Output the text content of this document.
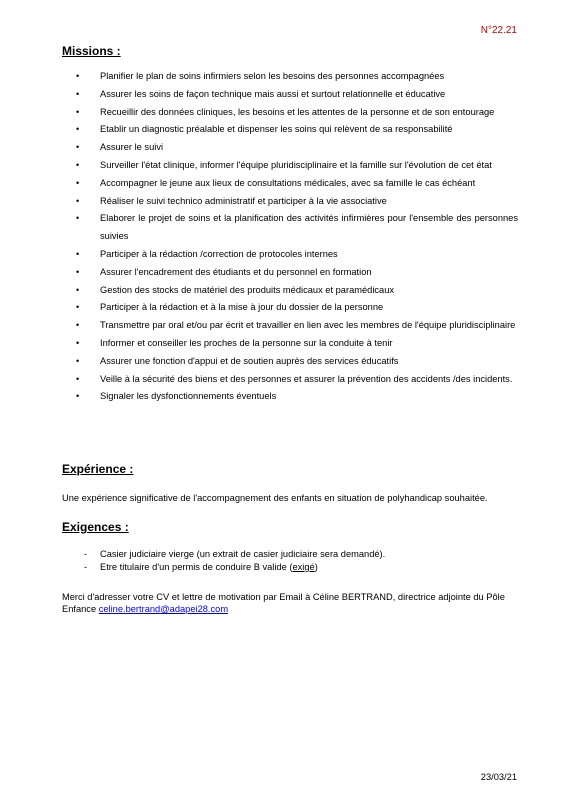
N°22.21
Missions :
• Planifier le plan de soins infirmiers selon les besoins des personnes accompagnées
• Assurer les soins de façon technique mais aussi et surtout relationnelle et éducative
• Recueillir des données cliniques, les besoins et les attentes de la personne et de son entourage
• Etablir un diagnostic préalable et dispenser les soins qui relèvent de sa responsabilité
• Assurer le suivi
• Surveiller l'état clinique, informer l'équipe pluridisciplinaire et la famille sur l'évolution de cet état
• Accompagner le jeune aux lieux de consultations médicales, avec sa famille le cas échéant
• Réaliser le suivi technico administratif et participer à la vie associative
• Elaborer le projet de soins et la planification des activités infirmières pour l'ensemble des personnes suivies
• Participer à la rédaction /correction de protocoles internes
• Assurer l'encadrement des étudiants et du personnel en formation
• Gestion des stocks de matériel des produits médicaux et paramédicaux
• Participer à la rédaction et à la mise à jour du dossier de la personne
• Transmettre par oral et/ou par écrit et travailler en lien avec les membres de l'équipe pluridisciplinaire
• Informer et conseiller les proches de la personne sur la conduite à tenir
• Assurer une fonction d'appui et de soutien auprès des services éducatifs
• Veille à la sécurité des biens et des personnes et assurer la prévention des accidents /des incidents.
• Signaler les dysfonctionnements éventuels
Expérience :
Une expérience significative de l'accompagnement des enfants en situation de polyhandicap souhaitée.
Exigences :
- Casier judiciaire vierge (un extrait de casier judiciaire sera demandé).
- Etre titulaire d'un permis de conduire B valide (exigé)
Merci d'adresser votre CV et lettre de motivation par Email à Céline BERTRAND, directrice adjointe du Pôle Enfance celine.bertrand@adapei28.com
23/03/21
